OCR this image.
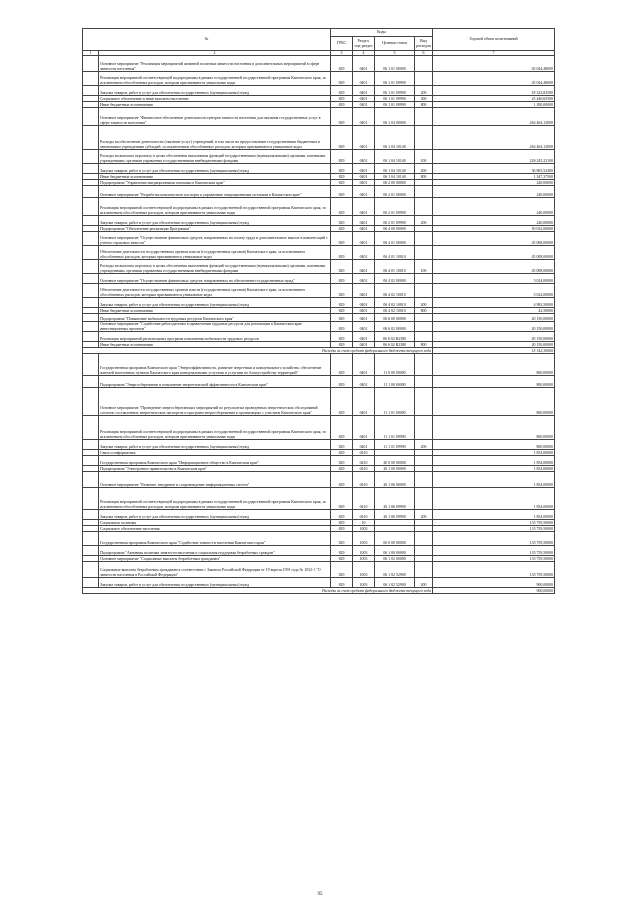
№		Коды				Годовой объем ассигнований
		ГРБС	Раздел, под-раздел	Целевая статья	Вид расходов	
1	2	3	4	5	6	7
	Основное мероприятие "Реализация мероприятий активной политики занятости населения и дополнительных мероприятий в сфере занятости населения"	829	0401	06 1 01 00000		45 044,48000
	Реализация мероприятий соответствующей подпрограммы в рамках государственной государственной программы Камчатского края, за исключением обособленных расходов, которым присваиваются уникальные коды	829	0401	06 1 01 09990		45 044,48000
	Закупка товаров, работ и услуг для обеспечения государственных (муниципальных) нужд	829	0401	06 1 01 09990	200	18 323,82500
	Социальное обеспечение и иные выплаты населению	829	0401	06 1 01 09990	300	25 440,65500
	Иные бюджетные ассигнования	829	0401	06 1 01 09990	800	1 280,00000
	Основное мероприятие "Финансовое обеспечение деятельности центров занятости населения для оказания государственных услуг в сфере занятости населения"	829	0401	06 1 04 00000		264 464,12000
	Расходы на обеспечение деятельности (оказание услуг) учреждений, в том числе на предоставление государственным бюджетным и автономным учреждениям субсидий, за исключением обособленных расходов, которым присваиваются уникальные коды	829	0401	06 1 04 10140		264 464,12000
	Расходы на выплаты персоналу в целях обеспечения выполнения функций государственными (муниципальными) органами, казенными учреждениями, органами управления государственными внебюджетными фондами	829	0401	06 1 04 10140	100	226 245,22100
	Закупка товаров, работ и услуг для обеспечения государственных (муниципальных) нужд	829	0401	06 1 04 10140	200	36 865,52400
	Иные бюджетные ассигнования	829	0401	06 1 04 10140	800	1 347,37500
	Подпрограмма "Управление миграционными потоками в Камчатском крае"	829	0401	06 2 00 00000		240,00000
	Основное мероприятие "Разработка комплексного паспорта к управлению миграционными потоками в Камчатском крае"	829	0401	06 2 01 00000		240,00000
	Реализация мероприятий соответствующей подпрограммы в рамках государственной государственной программы Камчатского края, за исключением обособленных расходов, которым присваиваются уникальные коды	829	0401	06 2 01 09990		240,00000
	Закупка товаров, работ и услуг для обеспечения государственных (муниципальных) нужд	829	0401	06 2 01 09990	200	240,00000
	Подпрограмма "Обеспечение реализации Программы"	829	0401	06 4 00 00000		50 032,00000
	Основное мероприятие "Осуществление финансовых средств, направленных на оплату труда и дополнительных выплат в компенсаций с учетом страховых взносов"	829	0401	06 4 01 00000		45 008,00000
	Обеспечение деятельности государственных органов власти (государственных органов) Камчатского края, за исключением обособленных расходов, которым присваиваются уникальные коды	829	0401	06 4 01 10010		45 008,00000
	Расходы на выплаты персоналу в целях обеспечения выполнения функций государственными (муниципальными) органами, казенными учреждениями, органами управления государственными внебюджетными фондами	829	0401	06 4 01 10010	100	45 008,00000
	Основное мероприятие "Осуществление финансовых средств, направленных на обеспечение государственных нужд"	829	0401	06 4 02 00000		5 024,00000
	Обеспечение деятельности государственных органов власти (государственных органов) Камчатского края, за исключением обособленных расходов, которым присваиваются уникальные коды	829	0401	06 4 02 10010		5 024,00000
	Закупка товаров, работ и услуг для обеспечения государственных (муниципальных) нужд	829	0401	06 4 02 10010	200	4 982,50000
	Иные бюджетные ассигнования	829	0401	06 4 02 10010	800	42,50000
	Подпрограмма "Повышение мобильности трудовых ресурсов Камчатского края"	829	0401	06 6 00 00000		20 150,00000
	Основное мероприятие "Содействие работодателям в привлечении трудовых ресурсов для реализации в Камчатском крае инвестиционных проектов"	829	0401	06 6 02 00000		20 150,00000
	Реализация мероприятий региональных программ повышения мобильности трудовых ресурсов	829	0401	06 6 02 R2380		20 150,00000
	Иные бюджетные ассигнования	829	0401	06 6 02 R2380	800	20 150,00000
Расходы за счет средств федерального бюджета текущего года						15 142,30000
	Государственная программа Камчатского края "Энергоэффективность, развитие энергетики и коммунального хозяйства, обеспечение жителей населенных пунктов Камчатского края коммунальными услугами и услугами по благоустройству территорий"	829	0401	11 0 00 00000		800,00000
	Подпрограмма "Энергосбережение и повышение энергетической эффективности в Камчатском крае"	829	0401	11 1 00 00000		800,00000
	Основное мероприятие "Проведение энергосберегающих мероприятий по результатам проведенных энергетических обследований согласно составленных энергетических паспортов и программ энергосбережения в организациях с участием Камчатского края"	829	0401	11 1 01 00000		800,00000
	Реализация мероприятий соответствующей подпрограммы в рамках государственной государственной программы Камчатского края, за исключением обособленных расходов, которым присваиваются уникальные коды	829	0401	11 1 01 09990		800,00000
	Закупка товаров, работ и услуг для обеспечения государственных (муниципальных) нужд	829	0401	11 1 01 09990	200	800,00000
	Связь и информатика	829	0410			1 854,00000
	Государственная программа Камчатского края "Информационное общество в Камчатском крае"	829	0410	20 0 00 00000		1 854,00000
	Подпрограмма "Электронное правительство в Камчатском крае"	829	0410	20 1 00 00000		1 854,00000
	Основное мероприятие "Развитие, внедрение и сопровождение информационных систем"	829	0410	20 1 06 00000		1 854,00000
	Реализация мероприятий соответствующей подпрограммы в рамках государственной государственной программы Камчатского края, за исключением обособленных расходов, которым присваиваются уникальные коды	829	0410	20 1 06 09990		1 854,00000
	Закупка товаров, работ и услуг для обеспечения государственных (муниципальных) нужд	829	0410	20 1 06 09990	200	1 854,00000
	Социальная политика	829	10			135 759,50000
	Социальное обеспечение населения	829	1003			135 759,50000
	Государственная программа Камчатского края "Содействие занятости населения Камчатского края"	829	1003	06 0 00 00000		135 759,50000
	Подпрограмма "Активная политика занятости населения и социальная поддержка безработных граждан"	829	1003	06 1 00 00000		135 759,50000
	Основное мероприятие "Социальные выплаты безработным гражданам"	829	1003	06 1 02 00000		135 759,50000
	Социальные выплаты безработным гражданам в соответствии с Законом Российской Федерации от 19 апреля 1991 года № 1032-1 "О занятости населения в Российской Федерации"	829	1003	06 1 02 52900		135 759,50000
	Закупка товаров, работ и услуг для обеспечения государственных (муниципальных) нужд	829	1003	06 1 02 52900	200	900,00000
Расходы за счет средств федерального бюджета текущего года						900,00000
95
